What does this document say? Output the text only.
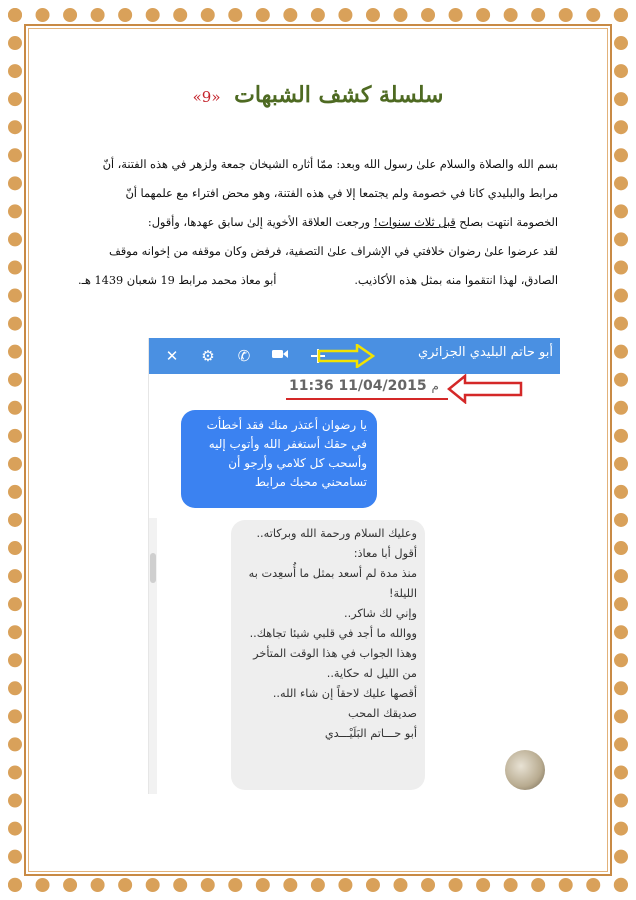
سلسلة كشف الشبهات «9»

بسم الله والصلاة والسلام علىٰ رسول الله وبعد: ممّا أثاره الشيخان جمعة ولزهر في هذه الفتنة، أنّ

مرابط والبليدي كانا في خصومة ولم يجتمعا إلا في هذه الفتنة، وهو محض افتراء مع علمهما أنّ

الخصومة انتهت بصلح قبل ثلاث سنوات! ورجعت العلاقة الأخوية إلىٰ سابق عهدها، وأقول:

لقد عرضوا علىٰ رضوان خلافتي في الإشراف علىٰ التصفية، فرفض وكان موقفه من إخوانه موقف

الصادق، لهذا انتقموا منه بمثل هذه الأكاذيب.
أبو معاذ محمد مرابط 19 شعبان 1439 هـ.

✕ ⚙ ✆	أبو حاتم البليدي الجزائري
11:36 11/04/2015 م
يا رضوان أعتذر منك فقد أخطأت
في حقك أستغفر الله وأتوب إليه
وأسحب كل كلامي وأرجو أن
تسامحني محبك مرابط
وعليك السلام ورحمة الله وبركاته..
أقول أبا معاذ:
منذ مدة لم أسعد بمثل ما أُسعِدت به
الليلة!
وإني لك شاكر..
ووالله ما أجد في قلبي شيئا تجاهك..
وهذا الجواب في هذا الوقت المتأخر
من الليل له حكاية..
أقصها عليك لاحقاً إن شاء الله..
صديقك المحب
أبو حـــاتم البَلَيْـــدي
